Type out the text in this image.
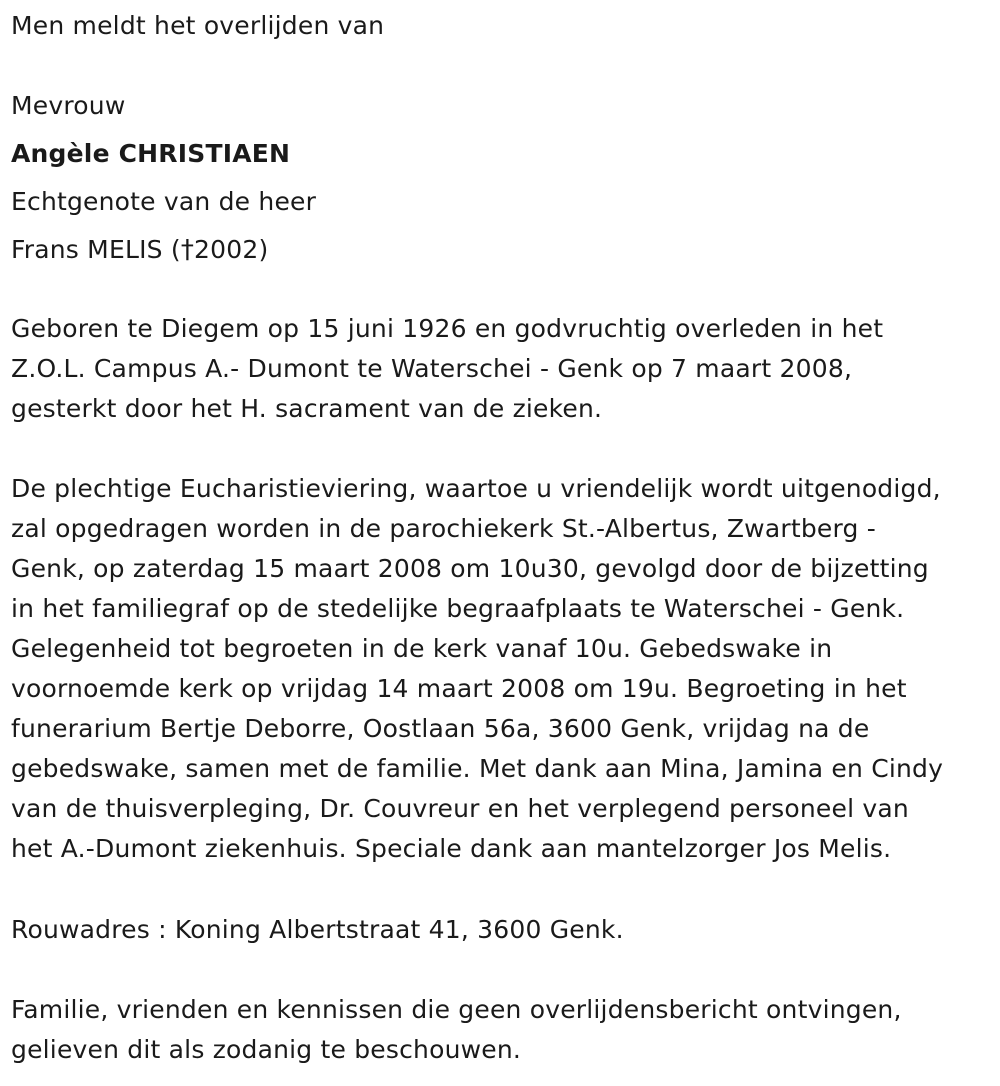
Men meldt het overlijden van
Mevrouw
Angèle CHRISTIAEN
Echtgenote van de heer
Frans MELIS (†2002)
Geboren te Diegem op 15 juni 1926 en godvruchtig overleden in het
Z.O.L. Campus A.- Dumont te Waterschei - Genk op 7 maart 2008,
gesterkt door het H. sacrament van de zieken.
De plechtige Eucharistieviering, waartoe u vriendelijk wordt uitgenodigd,
zal opgedragen worden in de parochiekerk St.-Albertus, Zwartberg -
Genk, op zaterdag 15 maart 2008 om 10u30, gevolgd door de bijzetting
in het familiegraf op de stedelijke begraafplaats te Waterschei - Genk.
Gelegenheid tot begroeten in de kerk vanaf 10u. Gebedswake in
voornoemde kerk op vrijdag 14 maart 2008 om 19u. Begroeting in het
funerarium Bertje Deborre, Oostlaan 56a, 3600 Genk, vrijdag na de
gebedswake, samen met de familie. Met dank aan Mina, Jamina en Cindy
van de thuisverpleging, Dr. Couvreur en het verplegend personeel van
het A.-Dumont ziekenhuis. Speciale dank aan mantelzorger Jos Melis.
Rouwadres : Koning Albertstraat 41, 3600 Genk.
Familie, vrienden en kennissen die geen overlijdensbericht ontvingen,
gelieven dit als zodanig te beschouwen.
